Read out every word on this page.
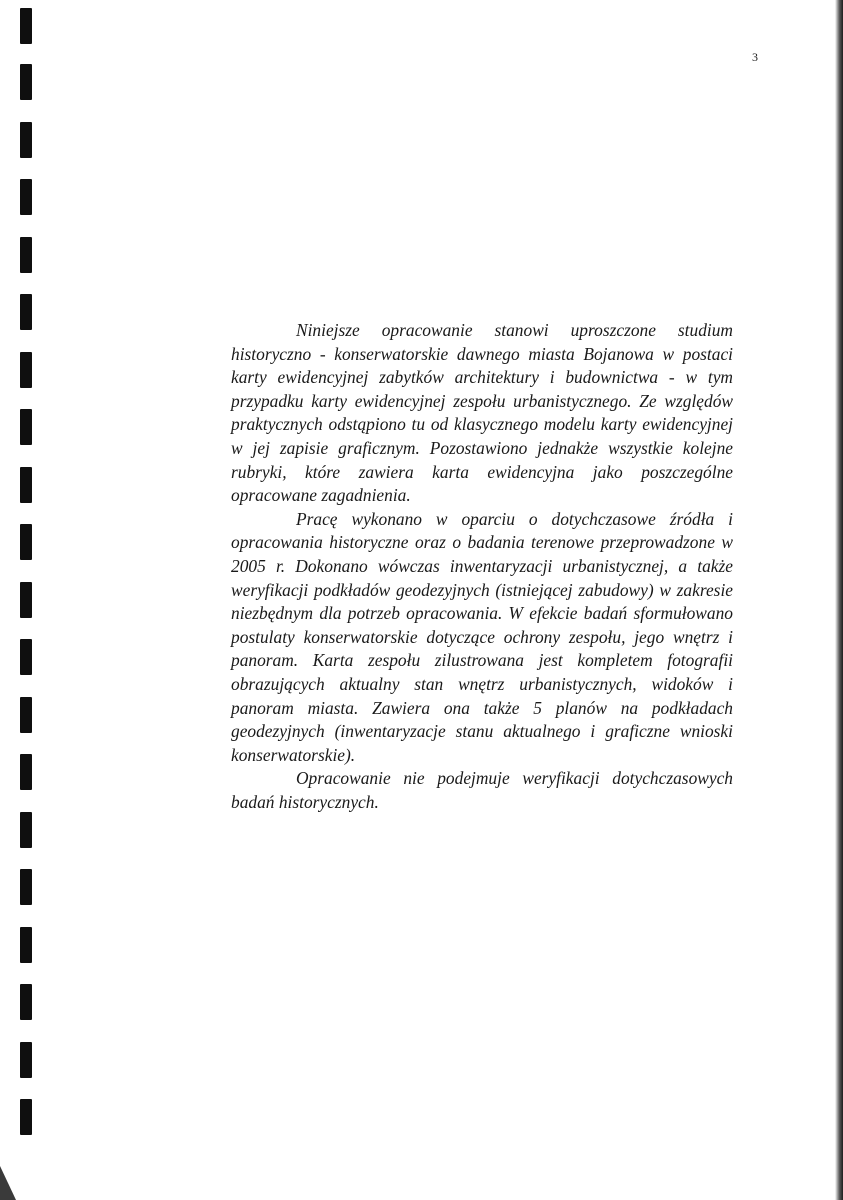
3

Niniejsze opracowanie stanowi uproszczone studium historyczno - konserwatorskie dawnego miasta Bojanowa w postaci karty ewidencyjnej zabytków architektury i budownictwa - w tym przypadku karty ewidencyjnej zespołu urbanistycznego. Ze względów praktycznych odstąpiono tu od klasycznego modelu karty ewidencyjnej w jej zapisie graficznym. Pozostawiono jednakże wszystkie kolejne rubryki, które zawiera karta ewidencyjna jako poszczególne opracowane zagadnienia.

Pracę wykonano w oparciu o dotychczasowe źródła i opracowania historyczne oraz o badania terenowe przeprowadzone w 2005 r. Dokonano wówczas inwentaryzacji urbanistycznej, a także weryfikacji podkładów geodezyjnych (istniejącej zabudowy) w zakresie niezbędnym dla potrzeb opracowania. W efekcie badań sformułowano postulaty konserwatorskie dotyczące ochrony zespołu, jego wnętrz i panoram. Karta zespołu zilustrowana jest kompletem fotografii obrazujących aktualny stan wnętrz urbanistycznych, widoków i panoram miasta. Zawiera ona także 5 planów na podkładach geodezyjnych (inwentaryzacje stanu aktualnego i graficzne wnioski konserwatorskie).

Opracowanie nie podejmuje weryfikacji dotychczasowych badań historycznych.
